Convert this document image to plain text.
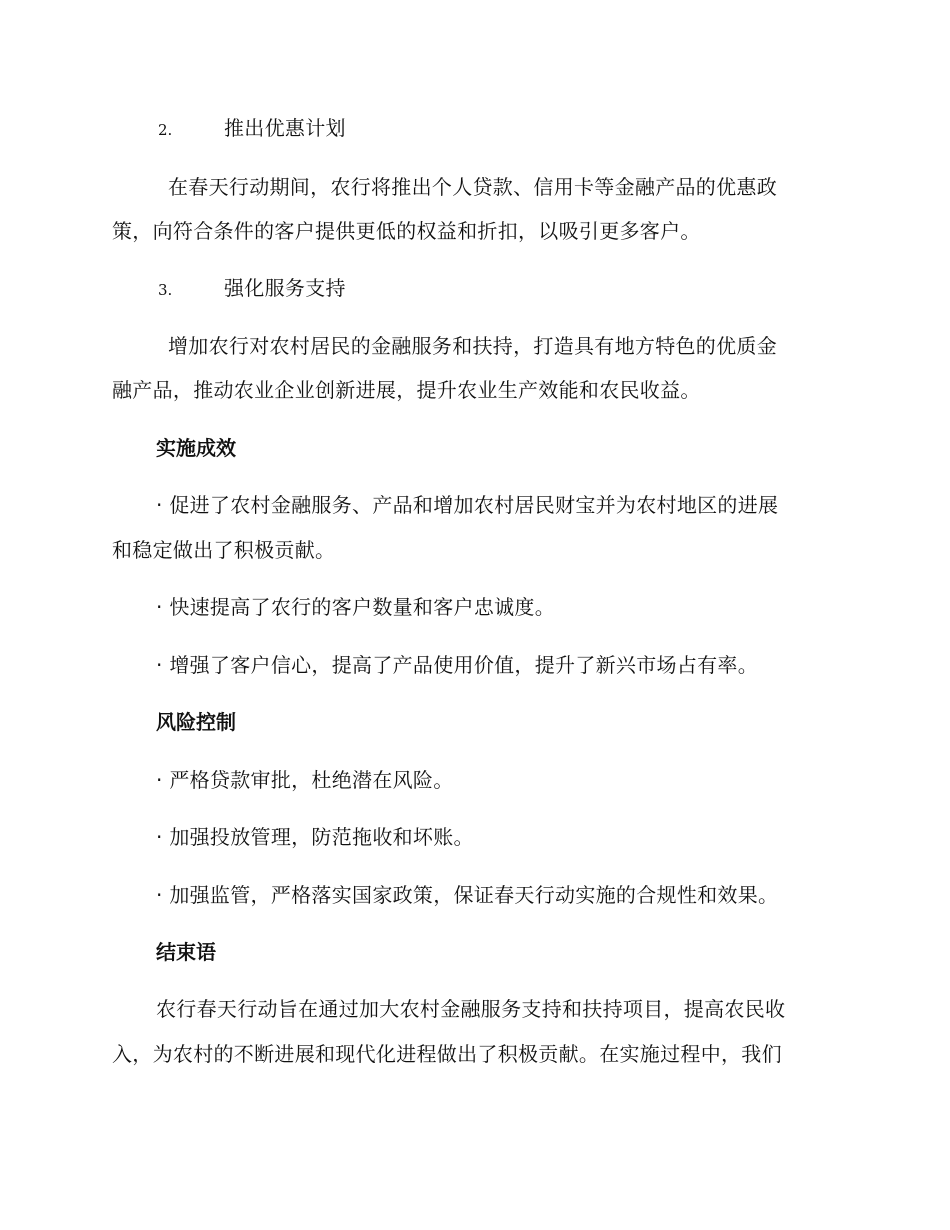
2.	推出优惠计划
在春天行动期间，农行将推出个人贷款、信用卡等金融产品的优惠政
策，向符合条件的客户提供更低的权益和折扣，以吸引更多客户。
3.	强化服务支持
增加农行对农村居民的金融服务和扶持，打造具有地方特色的优质金
融产品，推动农业企业创新进展，提升农业生产效能和农民收益。
实施成效
· 促进了农村金融服务、产品和增加农村居民财宝并为农村地区的进展
和稳定做出了积极贡献。
· 快速提高了农行的客户数量和客户忠诚度。
· 增强了客户信心，提高了产品使用价值，提升了新兴市场占有率。
风险控制
· 严格贷款审批，杜绝潜在风险。
· 加强投放管理，防范拖收和坏账。
· 加强监管，严格落实国家政策，保证春天行动实施的合规性和效果。
结束语
农行春天行动旨在通过加大农村金融服务支持和扶持项目，提高农民收
入，为农村的不断进展和现代化进程做出了积极贡献。在实施过程中，我们
